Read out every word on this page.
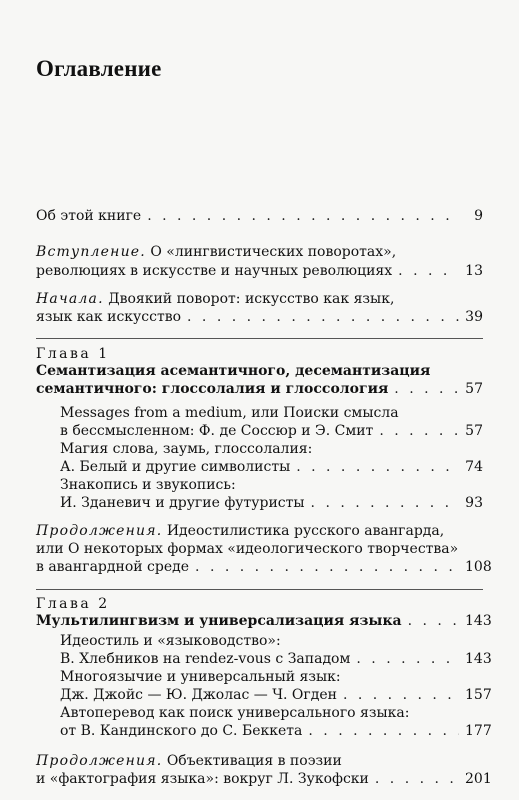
Оглавление
Об этой книге . . .	9
Вступление. О «лингвистических поворотах»,
революциях в искусстве и научных революциях . . .	13
Начала. Двоякий поворот: искусство как язык,
язык как искусство . . .	39
Глава 1
Семантизация асемантичного, десемантизация
семантичного: глоссолалия и глоссология . . .	57
Messages from a medium, или Поиски смысла
в бессмысленном: Ф. де Соссюр и Э. Смит . . .	57
Магия слова, заумь, глоссолалия:
А. Белый и другие символисты . . .	74
Знакопись и звукопись:
И. Зданевич и другие футуристы . . .	93
Продолжения. Идеостилистика русского авангарда,
или О некоторых формах «идеологического творчества»
в авангардной среде . . .	108
Глава 2
Мультилингвизм и универсализация языка . . .	143
Идеостиль и «языководство»:
В. Хлебников на rendez-vous с Западом . . .	143
Многоязычие и универсальный язык:
Дж. Джойс — Ю. Джолас — Ч. Огден . . .	157
Автоперевод как поиск универсального языка:
от В. Кандинского до С. Беккета . . .	177
Продолжения. Объективация в поэзии
и «фактография языка»: вокруг Л. Зукофски . . .	201
